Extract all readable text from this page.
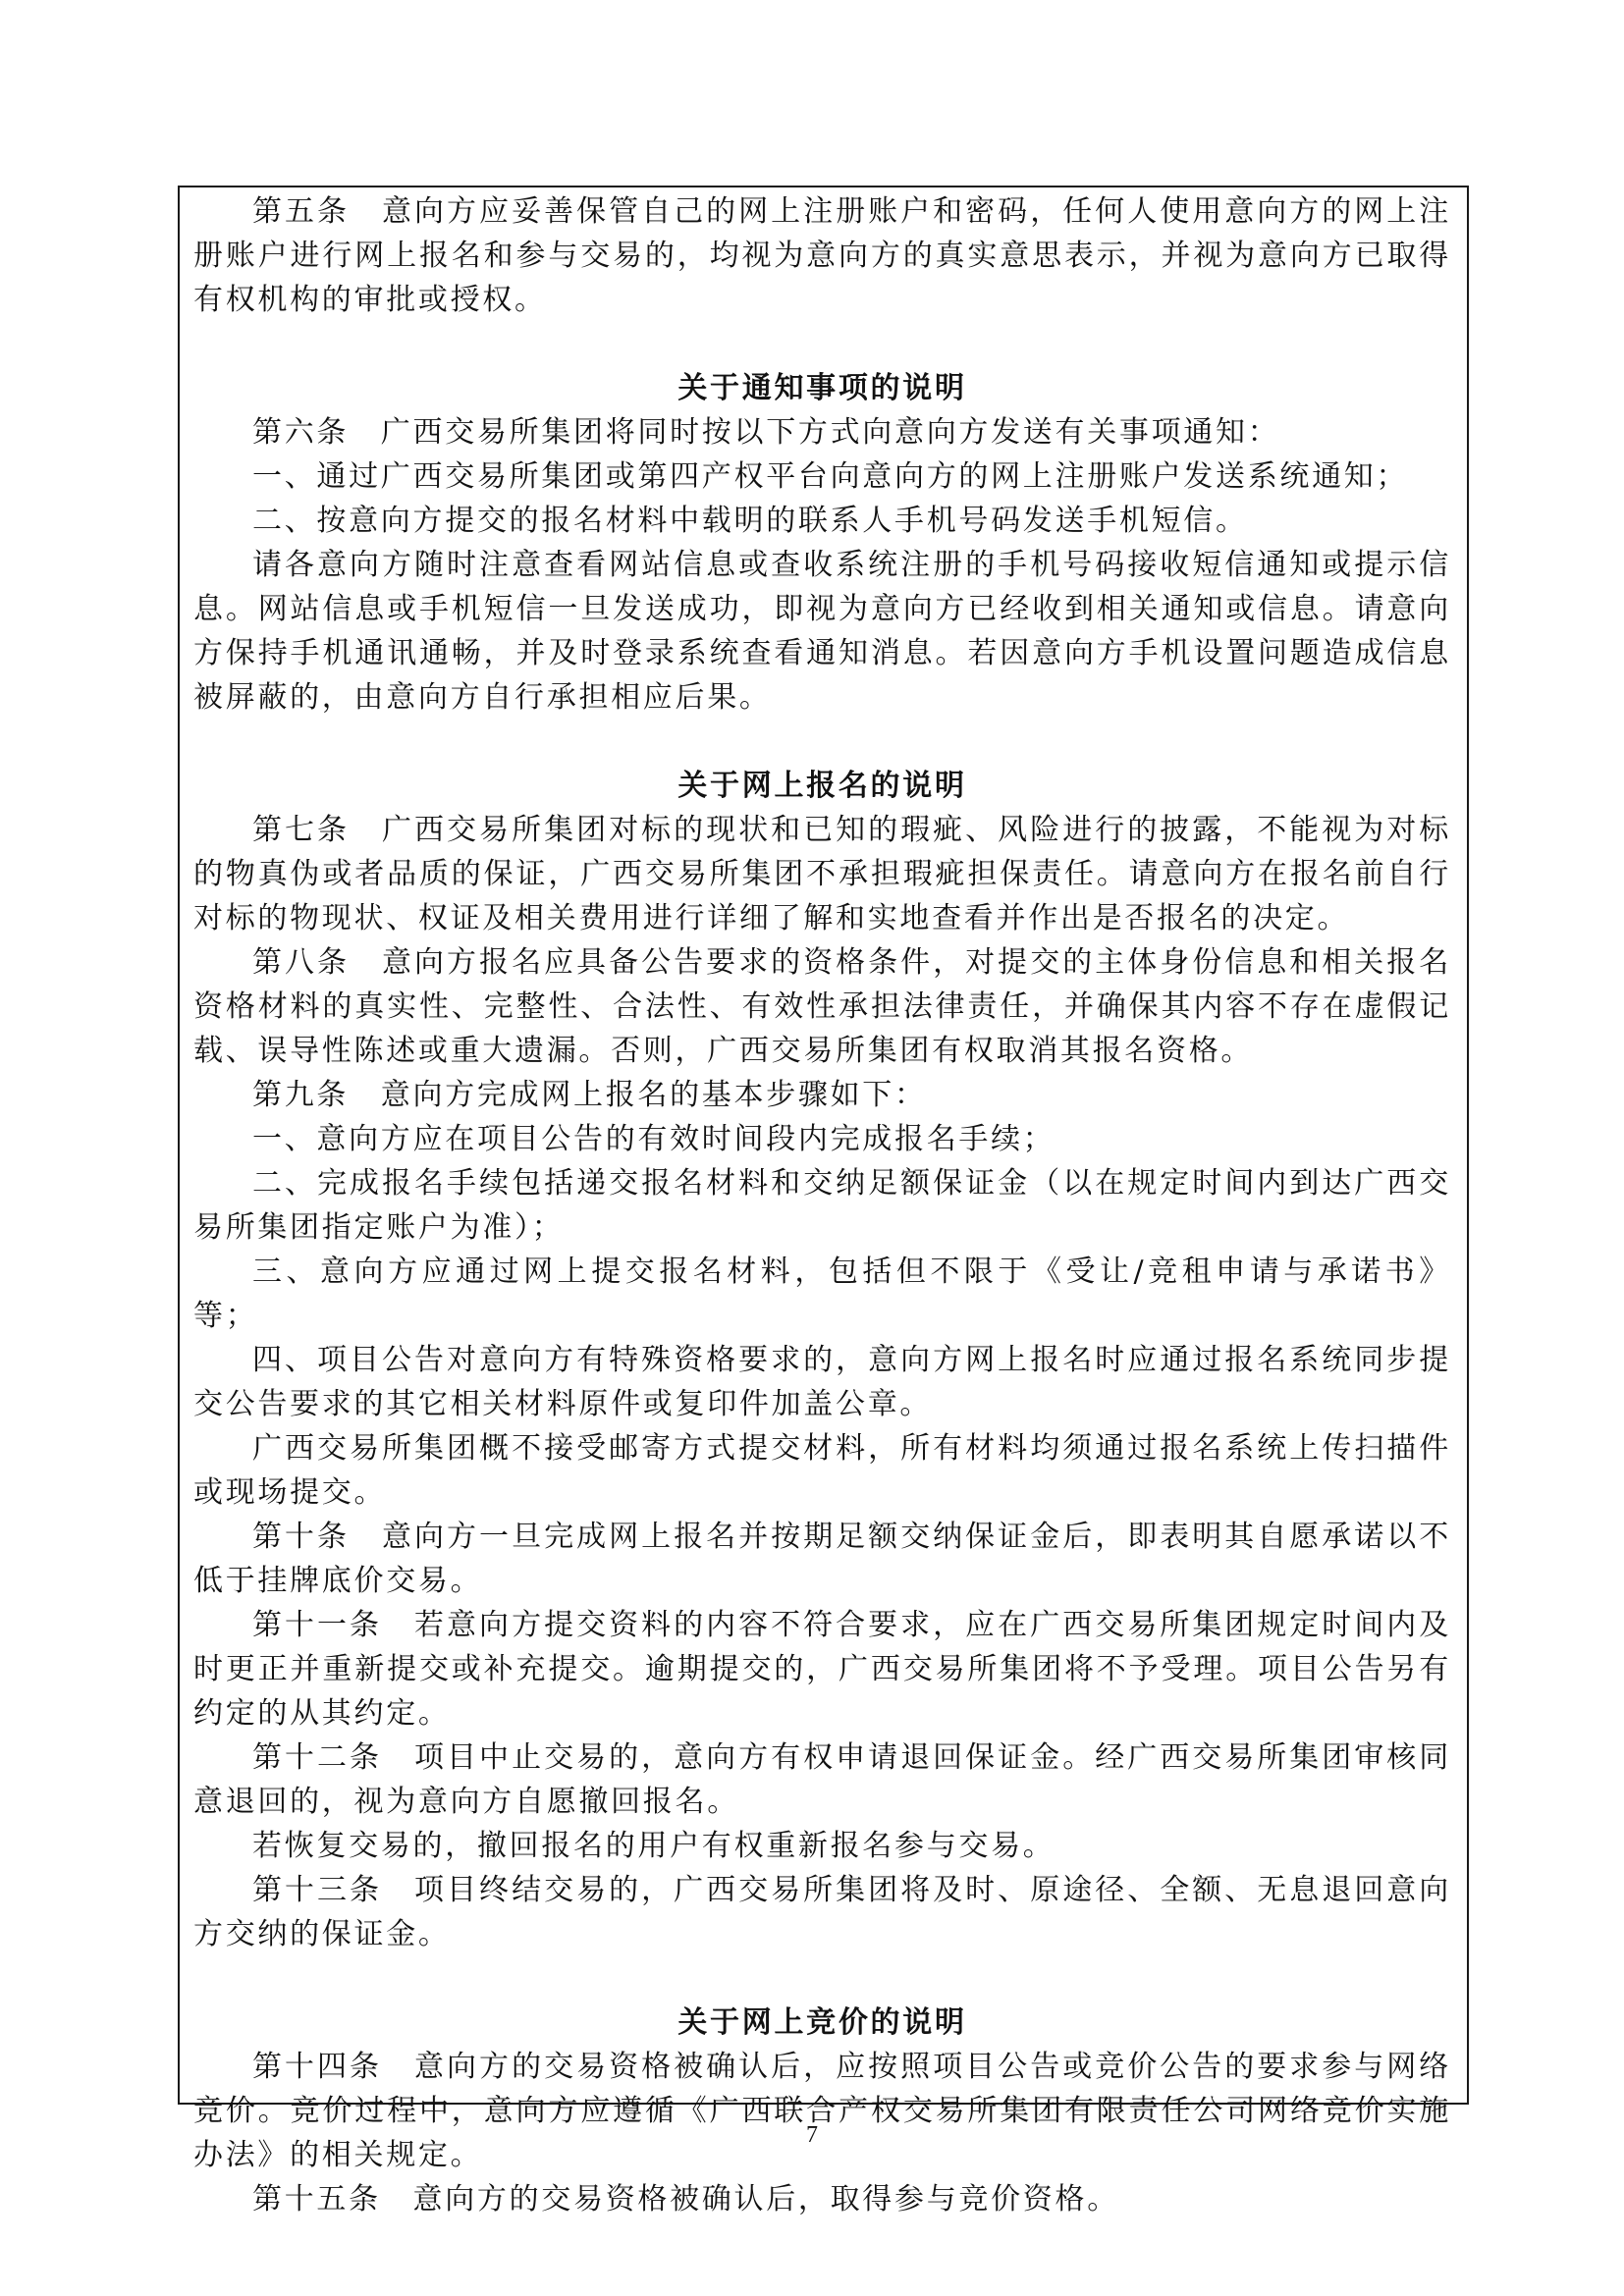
第五条　意向方应妥善保管自己的网上注册账户和密码，任何人使用意向方的网上注册账户进行网上报名和参与交易的，均视为意向方的真实意思表示，并视为意向方已取得有权机构的审批或授权。

关于通知事项的说明

第六条　广西交易所集团将同时按以下方式向意向方发送有关事项通知：

一、通过广西交易所集团或第四产权平台向意向方的网上注册账户发送系统通知；

二、按意向方提交的报名材料中载明的联系人手机号码发送手机短信。

请各意向方随时注意查看网站信息或查收系统注册的手机号码接收短信通知或提示信息。网站信息或手机短信一旦发送成功，即视为意向方已经收到相关通知或信息。请意向方保持手机通讯通畅，并及时登录系统查看通知消息。若因意向方手机设置问题造成信息被屏蔽的，由意向方自行承担相应后果。

关于网上报名的说明

第七条　广西交易所集团对标的现状和已知的瑕疵、风险进行的披露，不能视为对标的物真伪或者品质的保证，广西交易所集团不承担瑕疵担保责任。请意向方在报名前自行对标的物现状、权证及相关费用进行详细了解和实地查看并作出是否报名的决定。

第八条　意向方报名应具备公告要求的资格条件，对提交的主体身份信息和相关报名资格材料的真实性、完整性、合法性、有效性承担法律责任，并确保其内容不存在虚假记载、误导性陈述或重大遗漏。否则，广西交易所集团有权取消其报名资格。

第九条　意向方完成网上报名的基本步骤如下：

一、意向方应在项目公告的有效时间段内完成报名手续；

二、完成报名手续包括递交报名材料和交纳足额保证金（以在规定时间内到达广西交易所集团指定账户为准）；

三、意向方应通过网上提交报名材料，包括但不限于《受让/竞租申请与承诺书》等；

四、项目公告对意向方有特殊资格要求的，意向方网上报名时应通过报名系统同步提交公告要求的其它相关材料原件或复印件加盖公章。

广西交易所集团概不接受邮寄方式提交材料，所有材料均须通过报名系统上传扫描件或现场提交。

第十条　意向方一旦完成网上报名并按期足额交纳保证金后，即表明其自愿承诺以不低于挂牌底价交易。

第十一条　若意向方提交资料的内容不符合要求，应在广西交易所集团规定时间内及时更正并重新提交或补充提交。逾期提交的，广西交易所集团将不予受理。项目公告另有约定的从其约定。

第十二条　项目中止交易的，意向方有权申请退回保证金。经广西交易所集团审核同意退回的，视为意向方自愿撤回报名。

若恢复交易的，撤回报名的用户有权重新报名参与交易。

第十三条　项目终结交易的，广西交易所集团将及时、原途径、全额、无息退回意向方交纳的保证金。

关于网上竞价的说明

第十四条　意向方的交易资格被确认后，应按照项目公告或竞价公告的要求参与网络竞价。竞价过程中，意向方应遵循《广西联合产权交易所集团有限责任公司网络竞价实施办法》的相关规定。

第十五条　意向方的交易资格被确认后，取得参与竞价资格。

7
